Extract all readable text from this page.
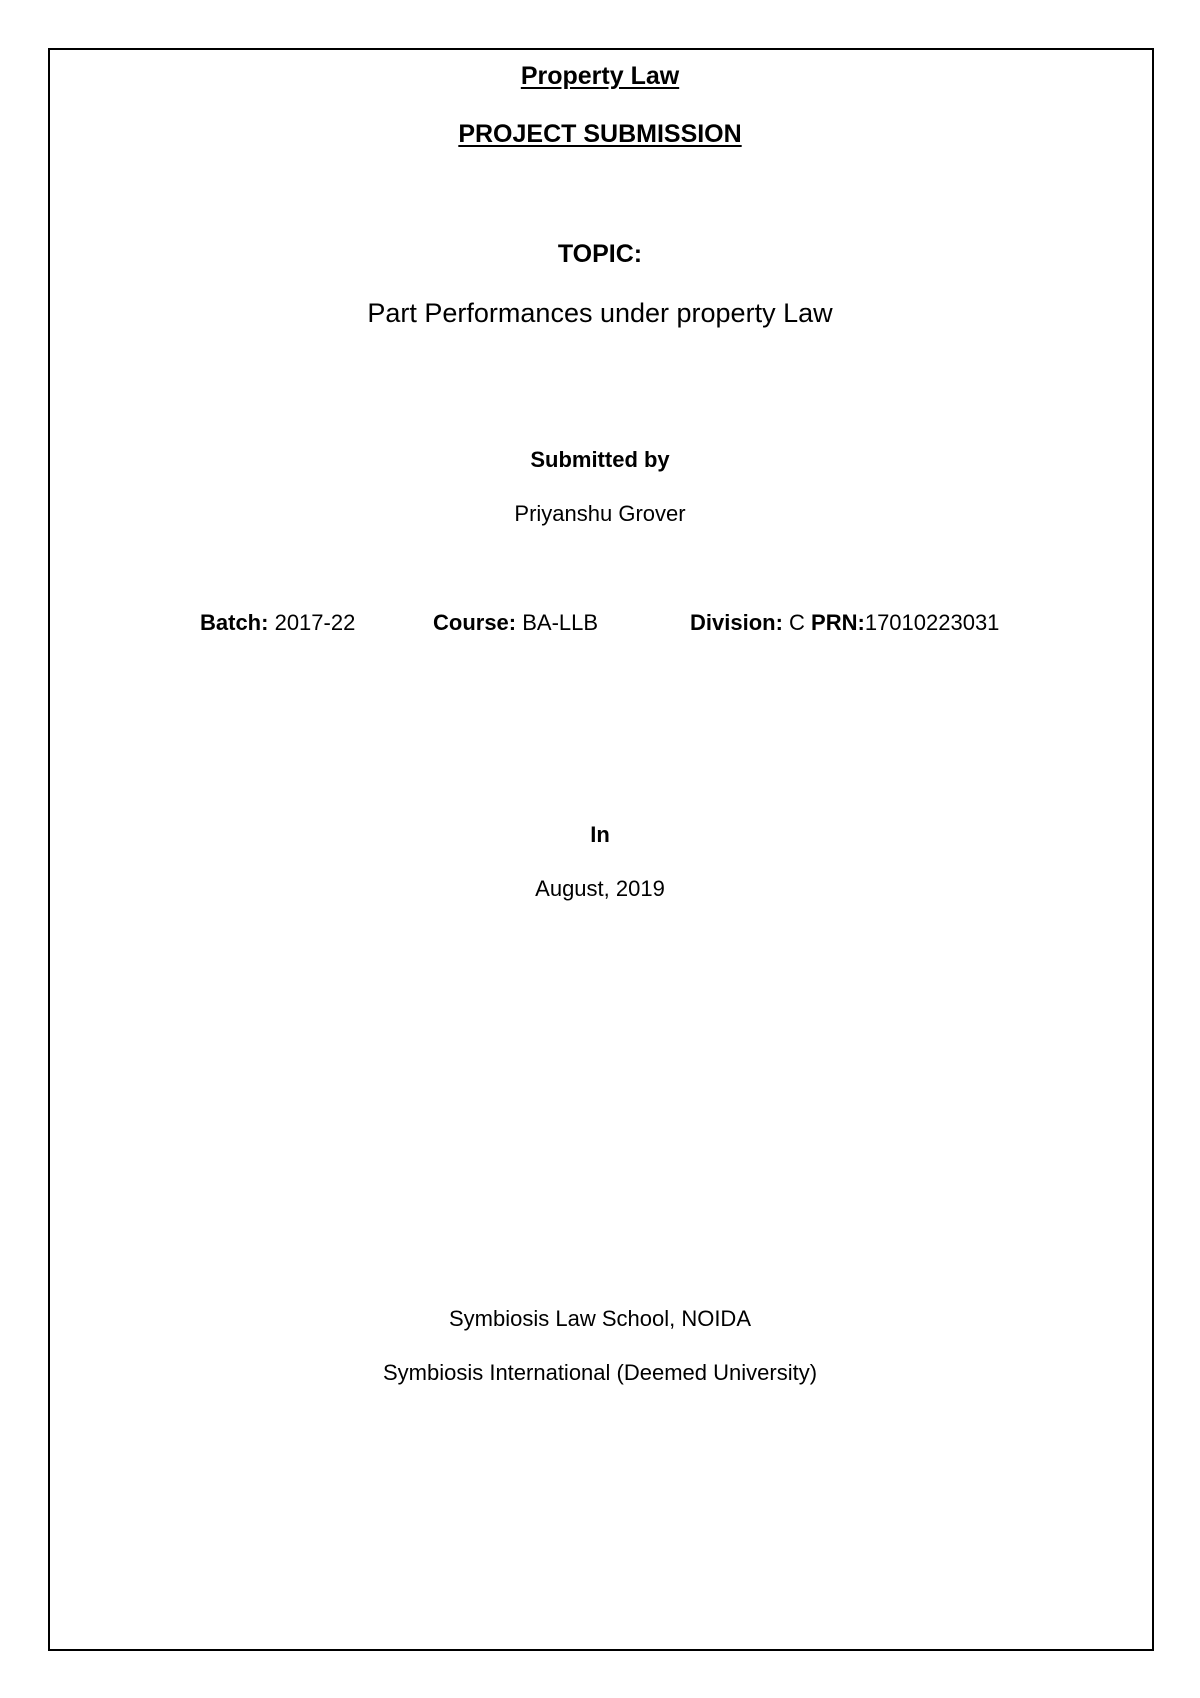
Property Law
PROJECT SUBMISSION
TOPIC:
Part Performances under property Law
Submitted by
Priyanshu Grover

Batch: 2017-22

	Course: BA-LLB

	Division: C PRN:17010223031

In
August, 2019
Symbiosis Law School, NOIDA
Symbiosis International (Deemed University)
